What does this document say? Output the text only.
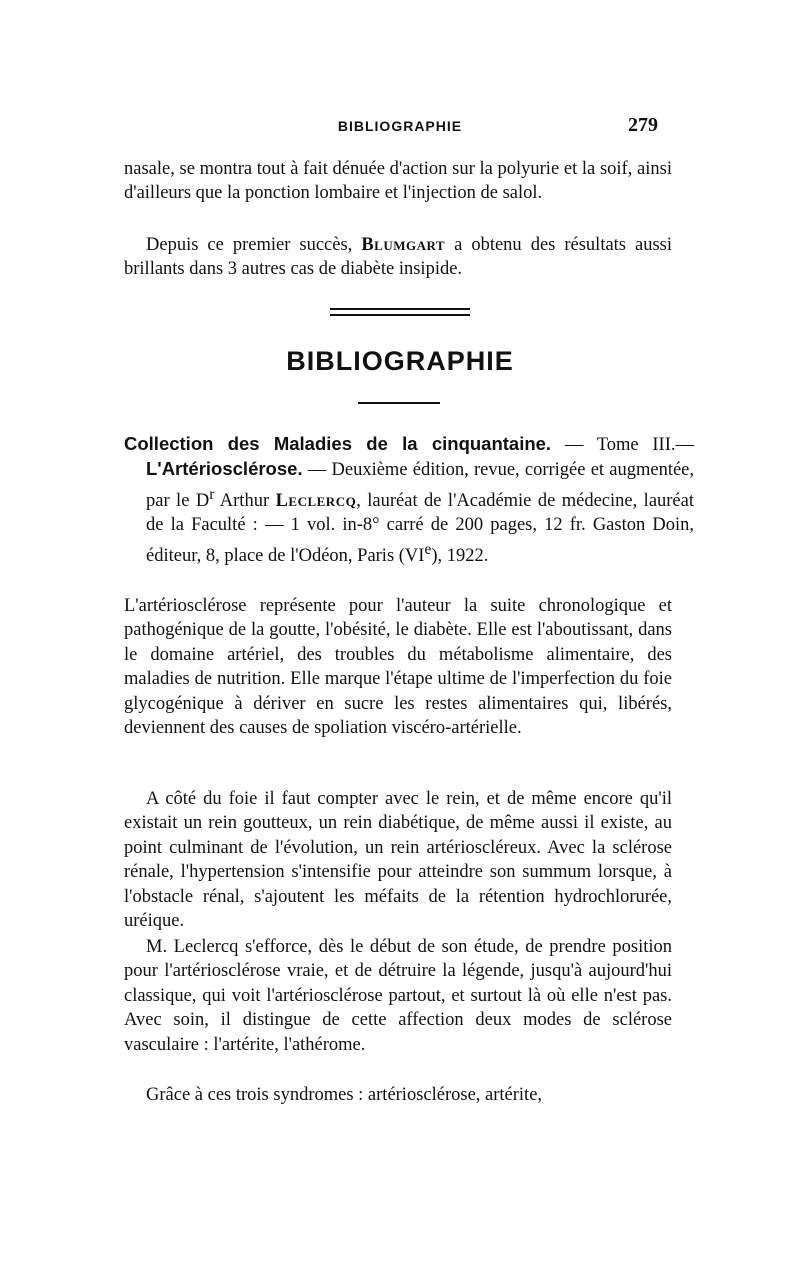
BIBLIOGRAPHIE	279

nasale, se montra tout à fait dénuée d'action sur la polyurie et la soif, ainsi d'ailleurs que la ponction lombaire et l'injection de salol.

Depuis ce premier succès, Blumgart a obtenu des résultats aussi brillants dans 3 autres cas de diabète insipide.

BIBLIOGRAPHIE

Collection des Maladies de la cinquantaine. — Tome III.— L'Artériosclérose. — Deuxième édition, revue, corrigée et augmentée, par le $D^r$ Arthur Leclercq, lauréat de l'Académie de médecine, lauréat de la Faculté : — 1 vol. in-8° carré de 200 pages, 12 fr. Gaston Doin, éditeur, 8, place de l'Odéon, Paris (VIe), 1922.

L'artériosclérose représente pour l'auteur la suite chronologique et pathogénique de la goutte, l'obésité, le diabète. Elle est l'aboutissant, dans le domaine artériel, des troubles du métabolisme alimentaire, des maladies de nutrition. Elle marque l'étape ultime de l'imperfection du foie glycogénique à dériver en sucre les restes alimentaires qui, libérés, deviennent des causes de spoliation viscéro-artérielle.

A côté du foie il faut compter avec le rein, et de même encore qu'il existait un rein goutteux, un rein diabétique, de même aussi il existe, au point culminant de l'évolution, un rein artérioscléreux. Avec la sclérose rénale, l'hypertension s'intensifie pour atteindre son summum lorsque, à l'obstacle rénal, s'ajoutent les méfaits de la rétention hydrochlorurée, uréique.

M. Leclercq s'efforce, dès le début de son étude, de prendre position pour l'artériosclérose vraie, et de détruire la légende, jusqu'à aujourd'hui classique, qui voit l'artériosclérose partout, et surtout là où elle n'est pas. Avec soin, il distingue de cette affection deux modes de sclérose vasculaire : l'artérite, l'athérome.

Grâce à ces trois syndromes : artériosclérose, artérite,
